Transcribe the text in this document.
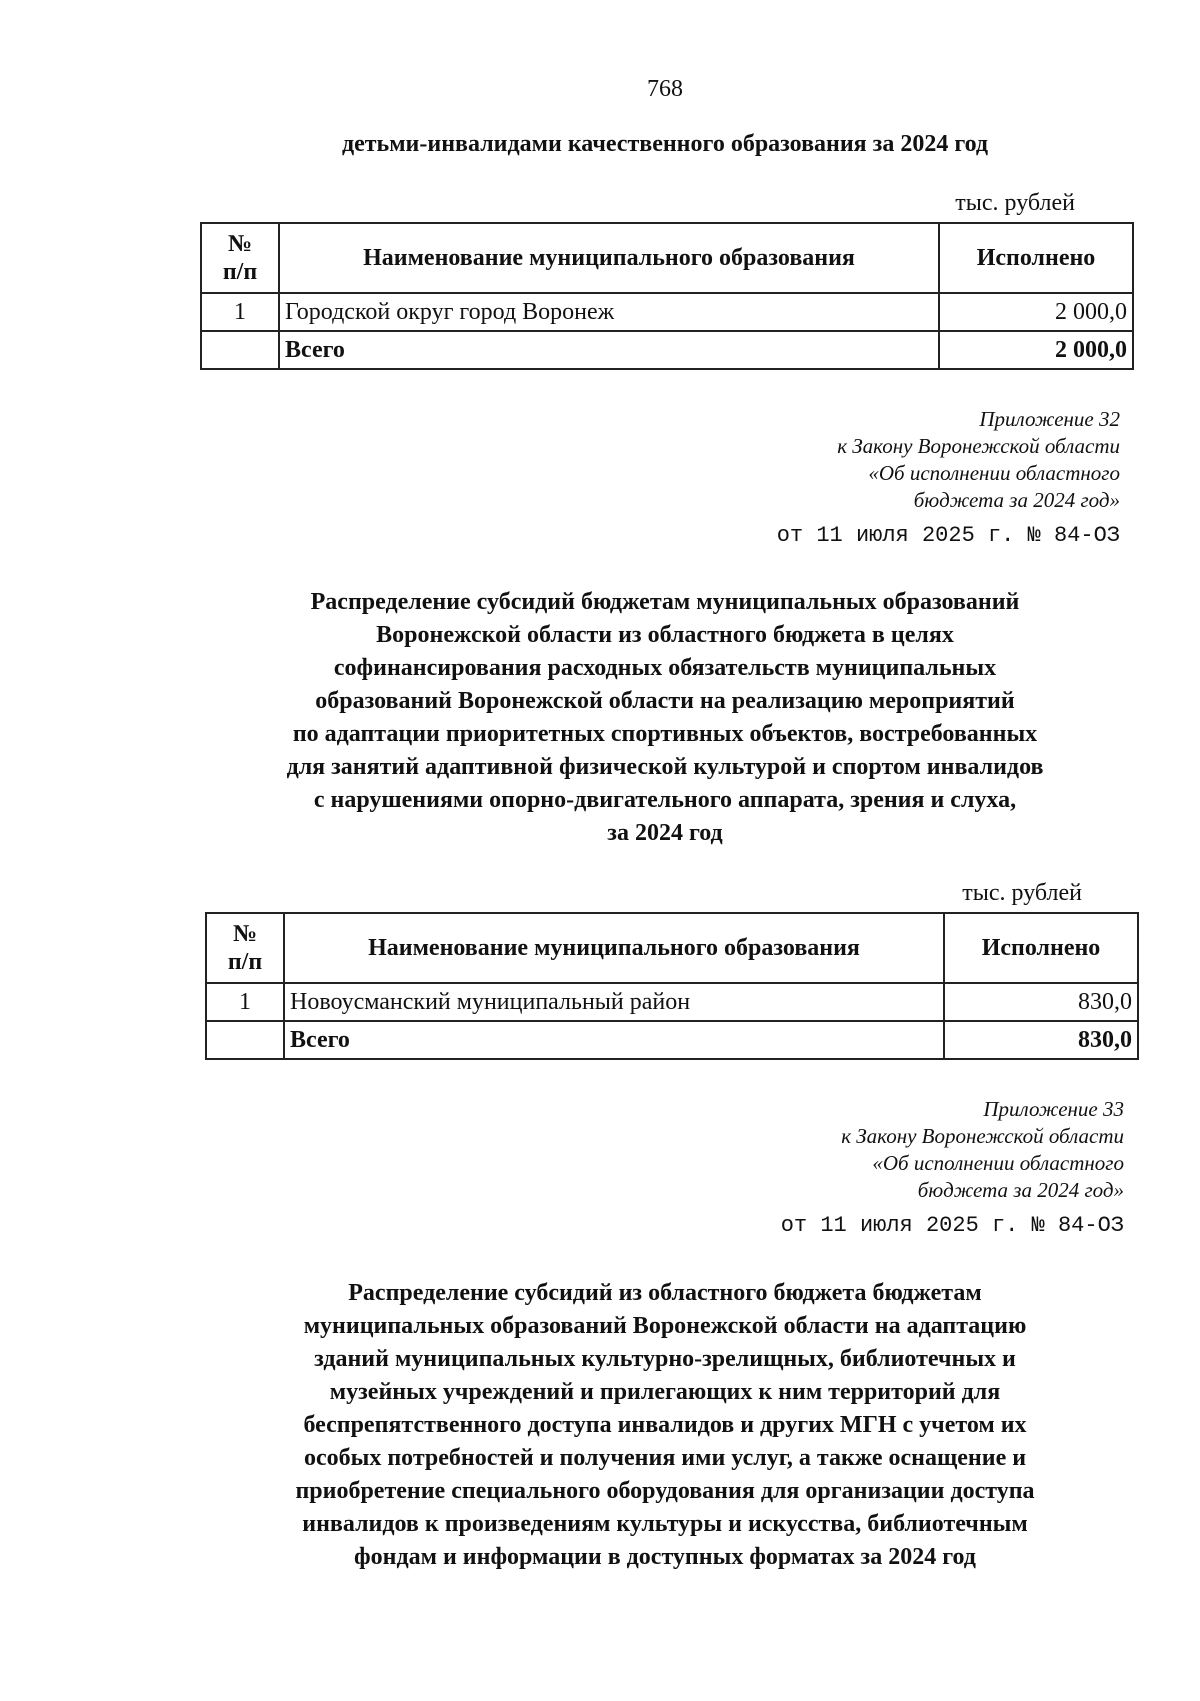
768
детьми-инвалидами качественного образования за 2024 год
тыс. рублей
№
п/п	Наименование муниципального образования	Исполнено
1	Городской округ город Воронеж	2 000,0
	Всего	2 000,0
Приложение 32
к Закону Воронежской области
«Об исполнении областного
бюджета за 2024 год»
от 11 июля 2025 г. № 84-ОЗ
Распределение субсидий бюджетам муниципальных образований
Воронежской области из областного бюджета в целях
софинансирования расходных обязательств муниципальных
образований Воронежской области на реализацию мероприятий
по адаптации приоритетных спортивных объектов, востребованных
для занятий адаптивной физической культурой и спортом инвалидов
с нарушениями опорно-двигательного аппарата, зрения и слуха,
за 2024 год
тыс. рублей
№
п/п	Наименование муниципального образования	Исполнено
1	Новоусманский муниципальный район	830,0
	Всего	830,0
Приложение 33
к Закону Воронежской области
«Об исполнении областного
бюджета за 2024 год»
от 11 июля 2025 г. № 84-ОЗ
Распределение субсидий из областного бюджета бюджетам
муниципальных образований Воронежской области на адаптацию
зданий муниципальных культурно-зрелищных, библиотечных и
музейных учреждений и прилегающих к ним территорий для
беспрепятственного доступа инвалидов и других МГН с учетом их
особых потребностей и получения ими услуг, а также оснащение и
приобретение специального оборудования для организации доступа
инвалидов к произведениям культуры и искусства, библиотечным
фондам и информации в доступных форматах за 2024 год
